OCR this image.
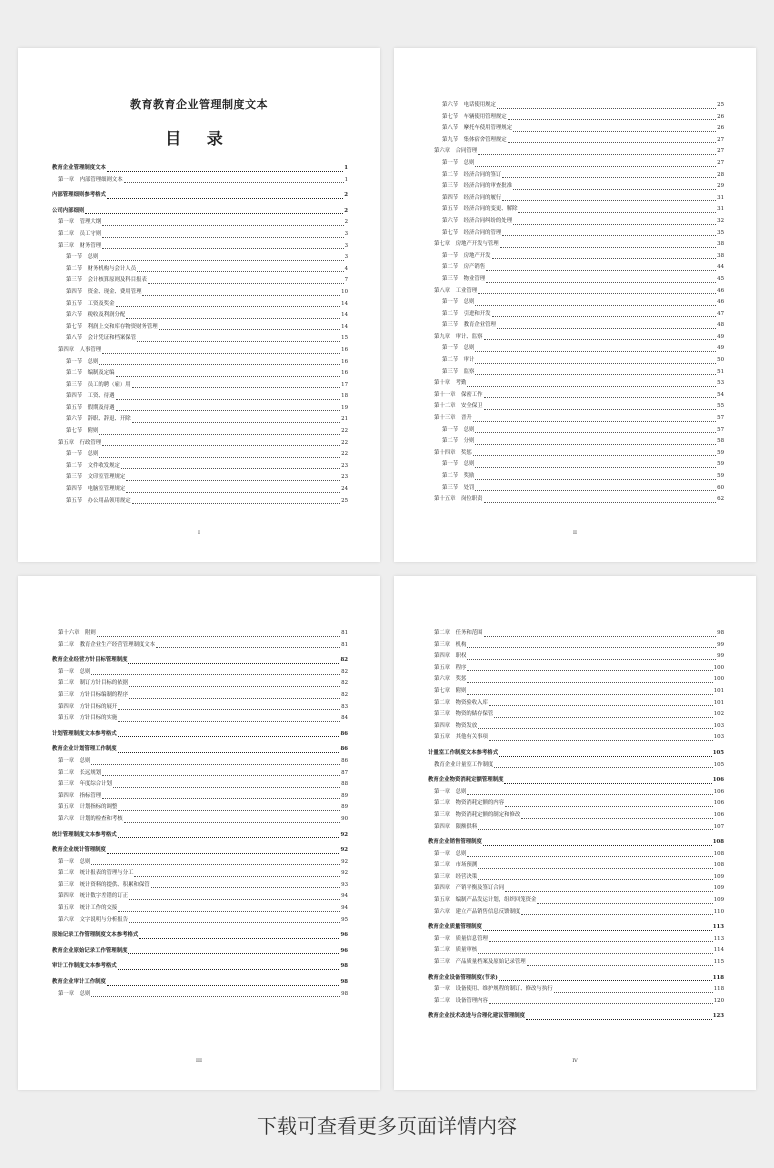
教育教育企业管理制度文本
目 录
教育企业管理制度文本	1
第一章　内部管理细则文本	1
内部管理细则参考格式	2
公司内部细则	2
第一章　管理大纲	2
第二章　员工守则	3
第三章　财务管理	3
第一节　总则	3
第二节　财务机构与会计人员	4
第三节　会计核算原则及科目报表	7
第四节　资金、现金、费用管理	10
第五节　工资及奖金	14
第六节　税收及利润分配	14
第七节　利润上交和库存物资财务管理	14
第八节　会计凭证和档案保管	15
第四章　人事管理	16
第一节　总则	16
第二节　编制及定编	16
第三节　员工的聘（雇）用	17
第四节　工资、待遇	18
第五节　假期及待遇	19
第六节　辞职、辞退、开除	21
第七节　附则	22
第五章　行政管理	22
第一节　总则	22
第二节　文件收发规定	23
第三节　文印室管理规定	23
第四节　电脑室管理规定	24
第五节　办公用品领用规定	25
I
第六节　电话使用规定	25
第七节　车辆使用管理规定	26
第八节　摩托车使用管理规定	26
第九节　集体宿舍管理规定	27
第六章　合同管理	27
第一节　总则	27
第二节　经济合同的签订	28
第三节　经济合同的审查批准	29
第四节　经济合同的履行	31
第五节　经济合同的变更、解除	31
第六节　经济合同纠纷的处理	32
第七节　经济合同的管理	35
第七章　房地产开发与管理	38
第一节　房地产开发	38
第二节　房产销售	44
第三节　物业管理	45
第八章　工业管理	46
第一节　总则	46
第二节　引进和开发	47
第三节　教育企业管理	48
第九章　审计、监察	49
第一节　总则	49
第二节　审计	50
第三节　监察	51
第十章　考勤	53
第十一章　保密工作	54
第十二章　安全保卫	55
第十三章　晋升	57
第一节　总则	57
第二节　分则	58
第十四章　奖惩	59
第一节　总则	59
第二节　奖励	59
第三节　处罚	60
第十五章　岗位职责	62
II
第十六章　附则	81
第二章　教育企业生产经营管理制度文本	81
教育企业经营方针目标管理制度	82
第一章　总则	82
第二章　制订方针目标的依据	82
第三章　方针目标编制的程序	82
第四章　方针目标的展开	83
第五章　方针目标的实施	84
计划管理制度文本参考格式	86
教育企业计划管理工作制度	86
第一章　总则	86
第二章　长远规划	87
第三章　年度综合计划	88
第四章　指标管理	89
第五章　计划指标的调整	89
第六章　计划的检查和考核	90
统计管理制度文本参考格式	92
教育企业统计管理制度	92
第一章　总则	92
第二章　统计报表的管理与分工	92
第三章　统计资料的提供、积累和保管	93
第四章　统计数字差错的订正	94
第五章　统计工作的交接	94
第六章　文字说明与分析报告	95
原始记录工作管理制度文本参考格式	96
教育企业原始记录工作管理制度	96
审计工作制度文本参考格式	98
教育企业审计工作制度	98
第一章　总则	98
III
第二章　任务和范围	98
第三章　机构	99
第四章　职权	99
第五章　程序	100
第六章　奖惩	100
第七章　附则	101
第二章　物资验收入库	101
第三章　物资的储存保管	102
第四章　物资发放	103
第五章　其他有关事项	103
计量室工作制度文本参考格式	105
教育企业计量室工作制度	105
教育企业物资消耗定额管理制度	106
第一章　总则	106
第二章　物资消耗定额的内容	106
第三章　物资消耗定额的制定和修改	106
第四章　限额供料	107
教育企业销售管理制度	108
第一章　总则	108
第二章　市场预测	108
第三章　经营决策	109
第四章　产销平衡及签订合同	109
第五章　编制产品发运计划，组织回笼资金	109
第六章　建立产品销售信息反馈制度	110
教育企业质量管理制度	113
第一章　质量信息管理	113
第二章　质量审核	114
第三章　产品质量档案及原始记录管理	115
教育企业设备管理制度(节录)	118
第一章　设备使用、维护规程的制订、修改与执行	118
第二章　设备管理内容	120
教育企业技术改进与合理化建议管理制度	123
IV
下载可查看更多页面详情内容
